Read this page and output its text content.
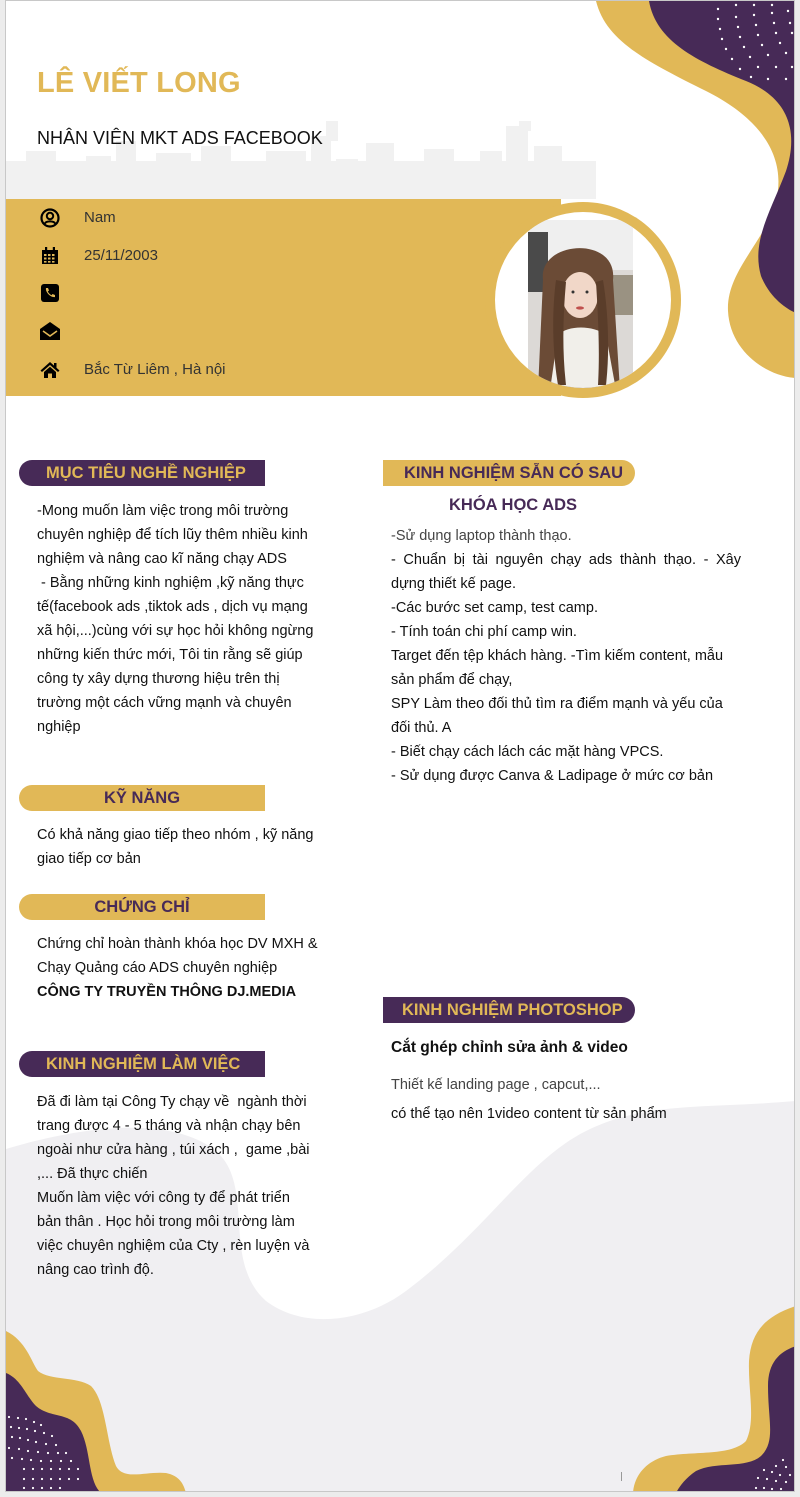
LÊ VIẾT LONG
NHÂN VIÊN MKT ADS FACEBOOK
Nam
25/11/2003
Bắc Từ Liêm , Hà nội
MỤC TIÊU NGHỀ NGHIỆP

-Mong muốn làm việc trong môi trường

chuyên nghiệp để tích lũy thêm nhiều kinh

nghiệm và nâng cao kĩ năng chạy ADS

- Bằng những kinh nghiệm ,kỹ năng thực

tế(facebook ads ,tiktok ads , dịch vụ mạng

xã hội,...)cùng với sự học hỏi không ngừng

những kiến thức mới, Tôi tin rằng sẽ giúp

công ty xây dựng thương hiệu trên thị

trường một cách vững mạnh và chuyên

nghiệp

KỸ NĂNG

Có khả năng giao tiếp theo nhóm , kỹ năng

giao tiếp cơ bản

CHỨNG CHỈ

Chứng chỉ hoàn thành khóa học DV MXH &

Chạy Quảng cáo ADS chuyên nghiệp

CÔNG TY TRUYỀN THÔNG DJ.MEDIA

KINH NGHIỆM LÀM VIỆC

Đã đi làm tại Công Ty chạy về  ngành thời

trang được 4 - 5 tháng và nhận chạy bên

ngoài như cửa hàng , túi xách ,  game ,bài

,... Đã thực chiến

Muốn làm việc với công ty để phát triển

bản thân . Học hỏi trong môi trường làm

việc chuyên nghiệm của Cty , rèn luyện và

nâng cao trình độ.

KINH NGHIỆM SẴN CÓ SAU
KHÓA HỌC ADS

-Sử dụng laptop thành thạo.

- Chuẩn bị tài nguyên chạy ads thành thạo. - Xây

dựng thiết kế page.

-Các bước set camp, test camp.

- Tính toán chi phí camp win.

Target đến tệp khách hàng. -Tìm kiếm content, mẫu

sản phẩm để chạy,

SPY Làm theo đối thủ tìm ra điểm mạnh và yếu của

đối thủ. A

- Biết chạy cách lách các mặt hàng VPCS.

- Sử dụng được Canva & Ladipage ở mức cơ bản

KINH NGHIỆM PHOTOSHOP
Cắt ghép chỉnh sửa ảnh & video

Thiết kế landing page , capcut,...

có thể tạo nên 1video content từ sản phẩm
